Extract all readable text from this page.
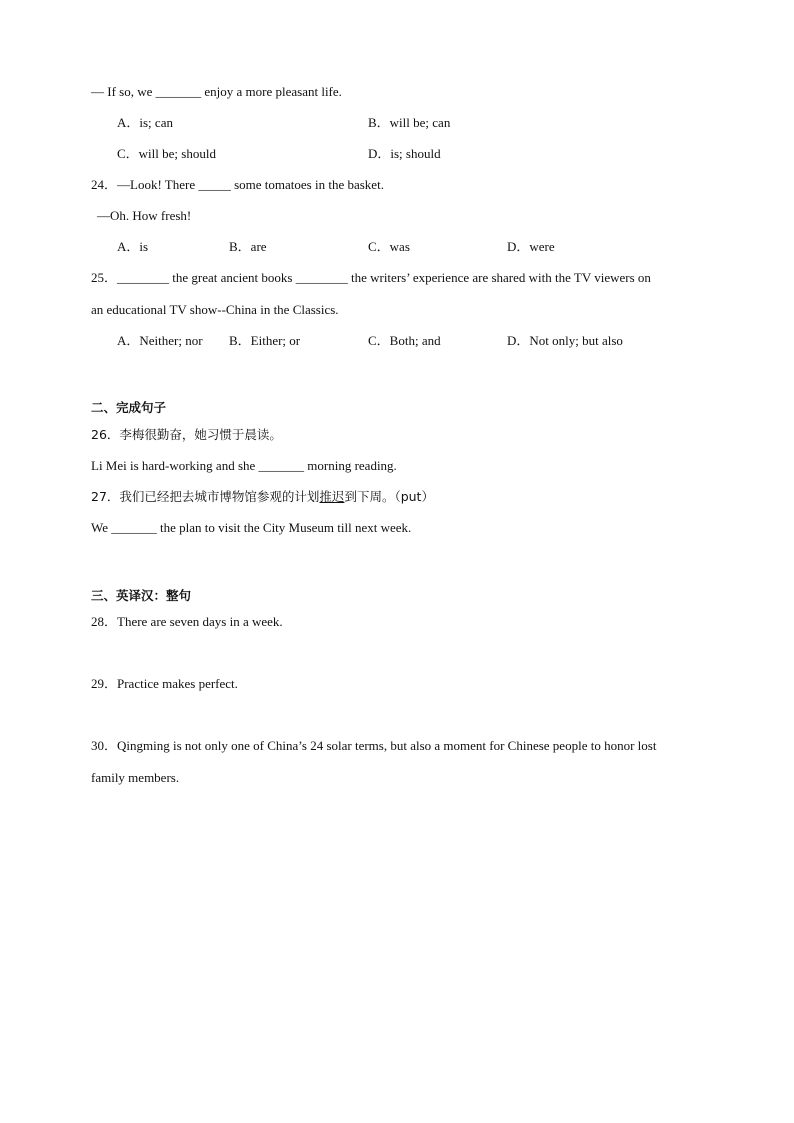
— If so, we _______ enjoy a more pleasant life.
A．is; can	B．will be; can
C．will be; should	D．is; should
24．—Look! There _____ some tomatoes in the basket.
—Oh. How fresh!
A．is	B．are	C．was	D．were
25．________ the great ancient books ________ the writers’ experience are shared with the TV viewers on
an educational TV show--China in the Classics.
A．Neither; nor B．Either; or	C．Both; and	D．Not only; but also
二、完成句子
26．李梅很勤奋，她习惯于晨读。
Li Mei is hard-working and she _______ morning reading.
27．我们已经把去城市博物馆参观的计划推迟到下周。（put）
We _______ the plan to visit the City Museum till next week.
三、英译汉：整句
28．There are seven days in a week.
29．Practice makes perfect.
30．Qingming is not only one of China’s 24 solar terms, but also a moment for Chinese people to honor lost
family members.
